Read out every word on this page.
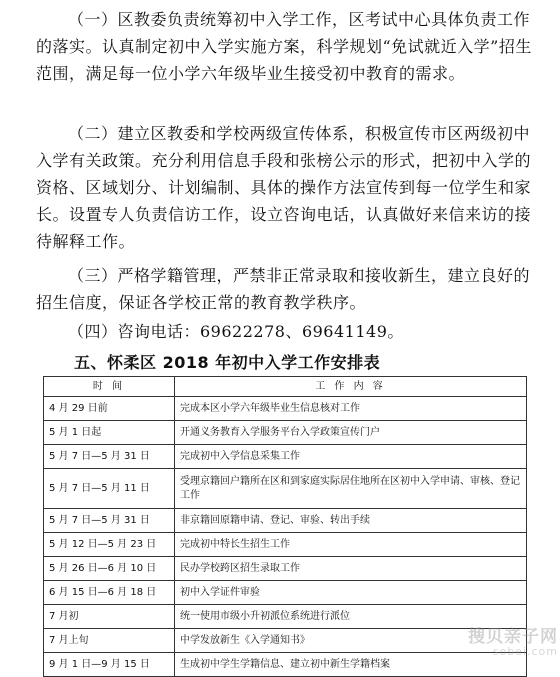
（一）区教委负责统筹初中入学工作，区考试中心具体负责工作的落实。认真制定初中入学实施方案，科学规划“免试就近入学”招生范围，满足每一位小学六年级毕业生接受初中教育的需求。

（二）建立区教委和学校两级宣传体系，积极宣传市区两级初中入学有关政策。充分利用信息手段和张榜公示的形式，把初中入学的资格、区域划分、计划编制、具体的操作方法宣传到每一位学生和家长。设置专人负责信访工作，设立咨询电话，认真做好来信来访的接待解释工作。

（三）严格学籍管理，严禁非正常录取和接收新生，建立良好的招生信度，保证各学校正常的教育教学秩序。

（四）咨询电话：69622278、69641149。

五、怀柔区 2018 年初中入学工作安排表
时 间	工 作 内 容
4 月 29 日前	完成本区小学六年级毕业生信息核对工作
5 月 1 日起	开通义务教育入学服务平台入学政策宣传门户
5 月 7 日—5 月 31 日	完成初中入学信息采集工作
5 月 7 日—5 月 11 日	受理京籍回户籍所在区和到家庭实际居住地所在区初中入学申请、审核、登记工作
5 月 7 日—5 月 31 日	非京籍回原籍申请、登记、审验、转出手续
5 月 12 日—5 月 23 日	完成初中特长生招生工作
5 月 26 日—6 月 10 日	民办学校跨区招生录取工作
6 月 15 日—6 月 18 日	初中入学证件审验
7 月初	统一使用市级小升初派位系统进行派位
7 月上旬	中学发放新生《入学通知书》
9 月 1 日—9 月 15 日	生成初中学生学籍信息、建立初中新生学籍档案
搜贝亲子网
sobei.com
